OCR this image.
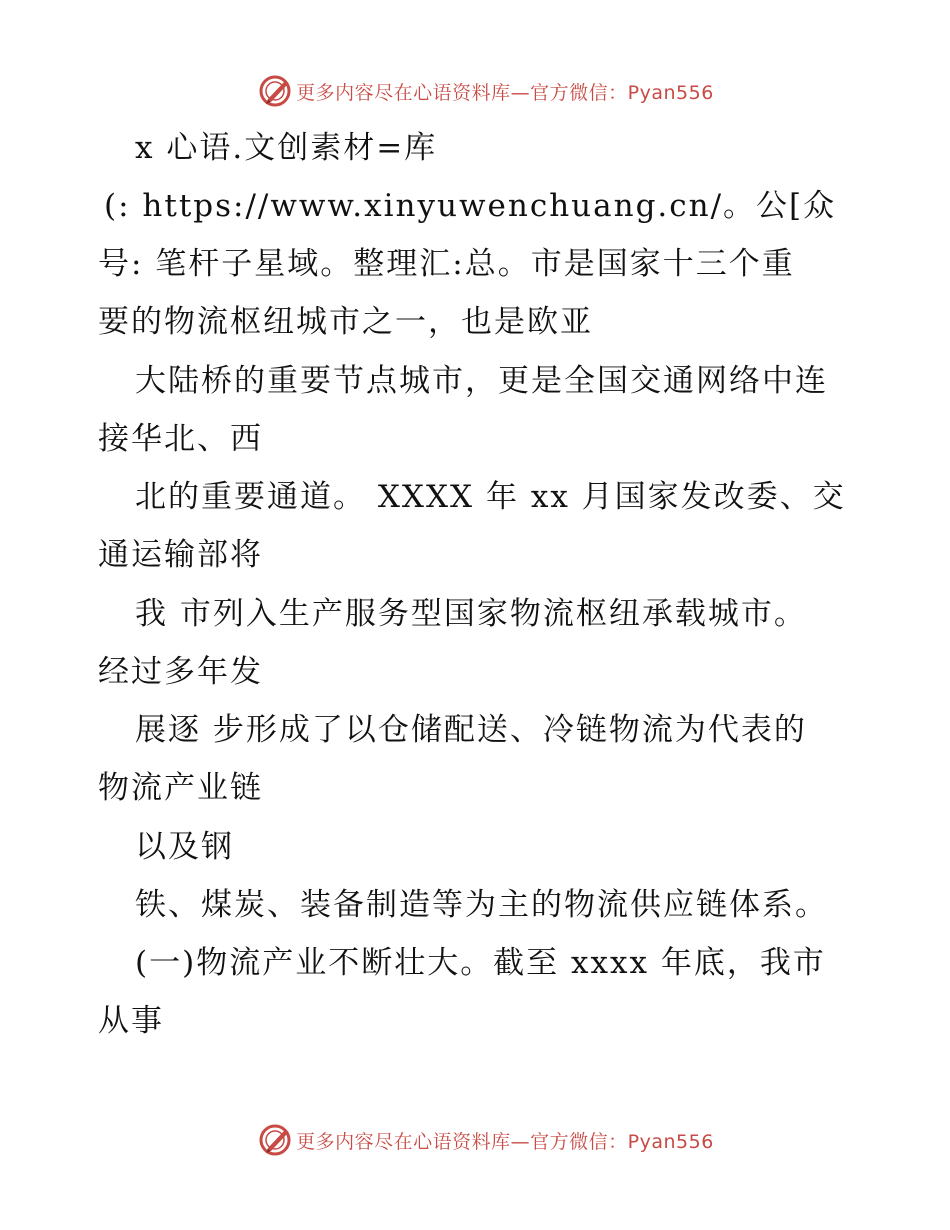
更多内容尽在心语资料库—官方微信：Pyan556
x 心语.文创素材=库
(: https://www.xinyuwenchuang.cn/。公[众
号: 笔杆子星域。整理汇:总。市是国家十三个重
要的物流枢纽城市之一，也是欧亚
大陆桥的重要节点城市，更是全国交通网络中连
接华北、西
北的重要通道。 XXXX 年 xx 月国家发改委、交
通运输部将
我 市列入生产服务型国家物流枢纽承载城市。
经过多年发
展逐 步形成了以仓储配送、冷链物流为代表的
物流产业链
以及钢
铁、煤炭、装备制造等为主的物流供应链体系。
(一)物流产业不断壮大。截至 xxxx 年底，我市
从事
更多内容尽在心语资料库—官方微信：Pyan556
